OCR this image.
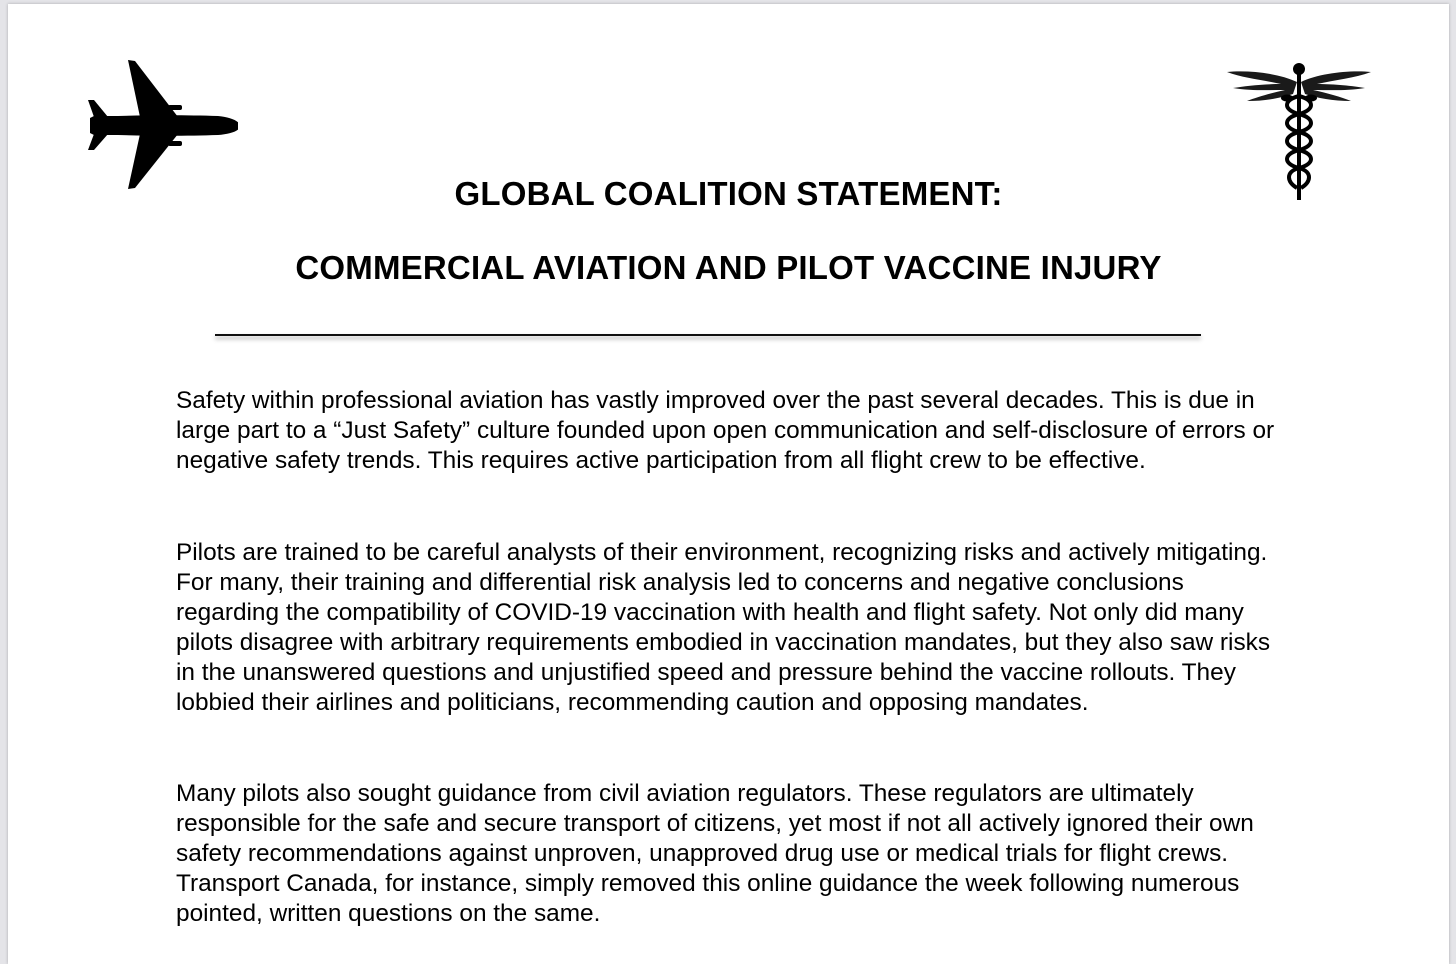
GLOBAL COALITION STATEMENT:
COMMERCIAL AVIATION AND PILOT VACCINE INJURY

Safety within professional aviation has vastly improved over the past several decades. This is due in large part to a “Just Safety” culture founded upon open communication and self-disclosure of errors or negative safety trends. This requires active participation from all flight crew to be effective.

Pilots are trained to be careful analysts of their environment, recognizing risks and actively mitigating. For many, their training and differential risk analysis led to concerns and negative conclusions regarding the compatibility of COVID-19 vaccination with health and flight safety. Not only did many pilots disagree with arbitrary requirements embodied in vaccination mandates, but they also saw risks in the unanswered questions and unjustified speed and pressure behind the vaccine rollouts. They lobbied their airlines and politicians, recommending caution and opposing mandates.

Many pilots also sought guidance from civil aviation regulators. These regulators are ultimately responsible for the safe and secure transport of citizens, yet most if not all actively ignored their own safety recommendations against unproven, unapproved drug use or medical trials for flight crews. Transport Canada, for instance, simply removed this online guidance the week following numerous pointed, written questions on the same.
